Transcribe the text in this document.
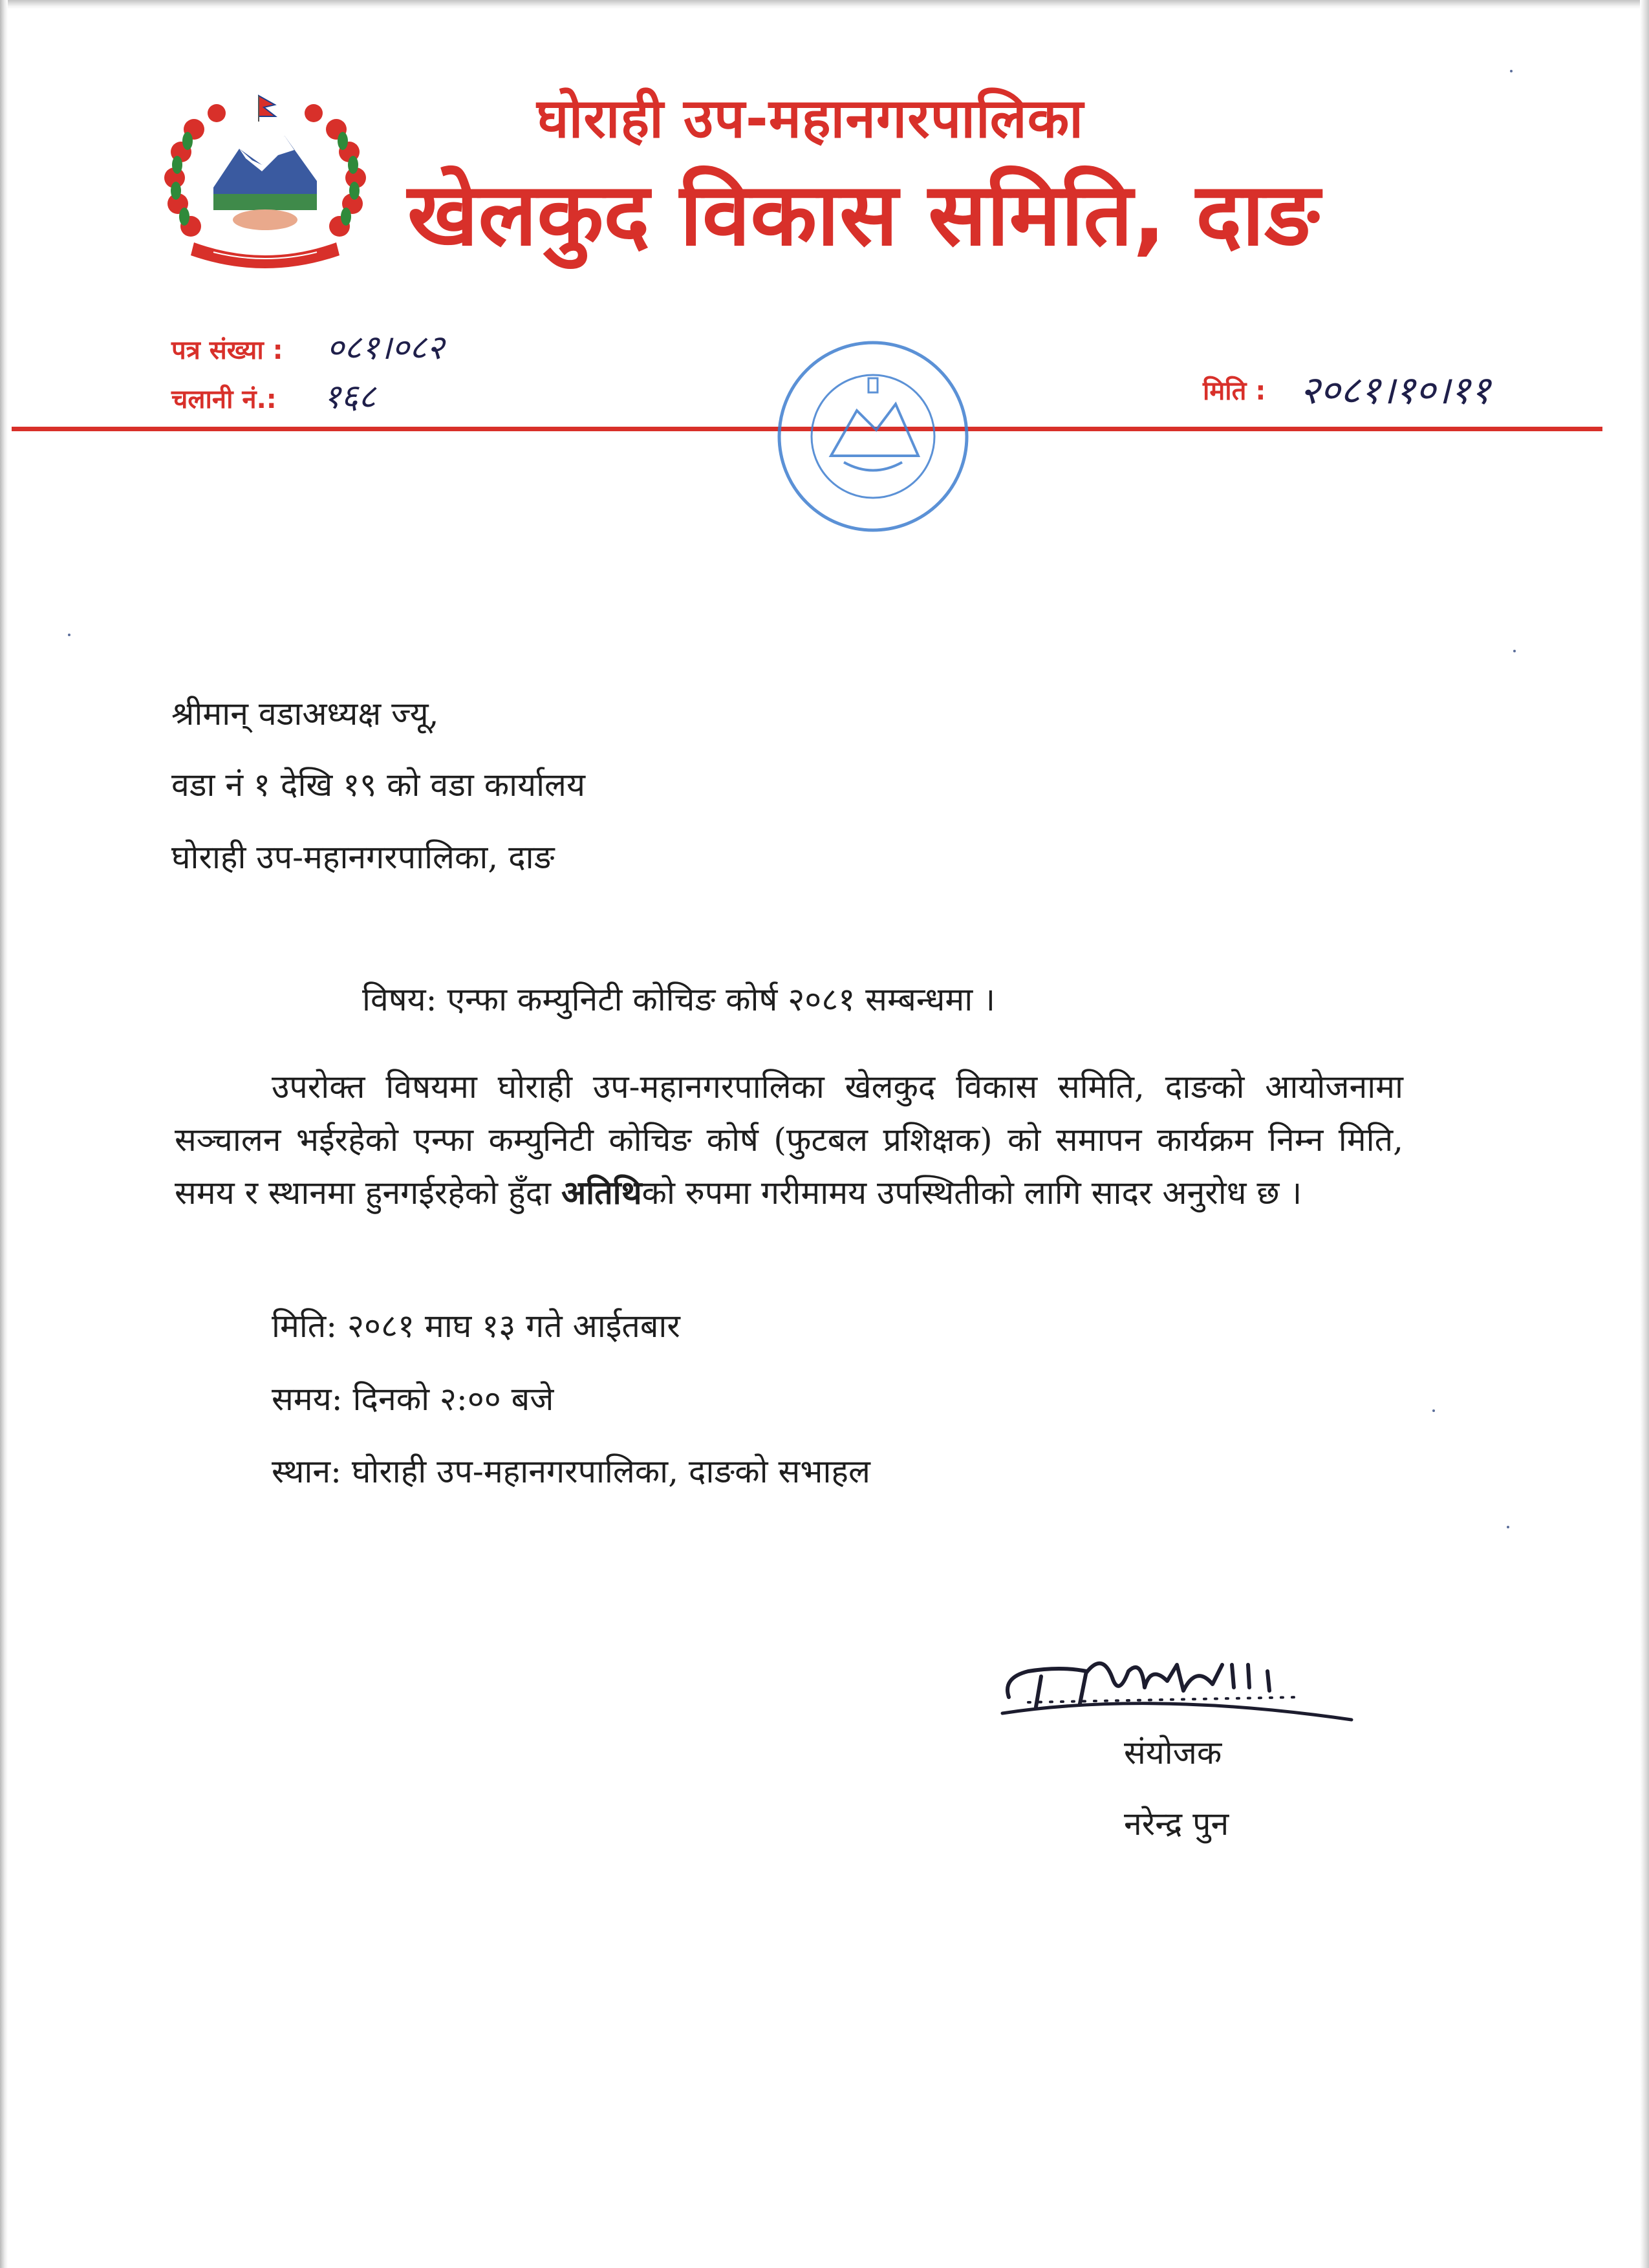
घोराही उप-महानगरपालिका
खेलकुद विकास समिति, दाङ
पत्र संख्या : ०८१।०८२
चलानी नं.: १६८	मिति : २०८१।१०।११
श्रीमान् वडाअध्यक्ष ज्यू,
वडा नं १ देखि १९ को वडा कार्यालय
घोराही उप-महानगरपालिका, दाङ
विषय: एन्फा कम्युनिटी कोचिङ कोर्ष २०८१ सम्बन्धमा ।
उपरोक्त विषयमा घोराही उप-महानगरपालिका खेलकुद विकास समिति, दाङको आयोजनामा सञ्चालन भईरहेको एन्फा कम्युनिटी कोचिङ कोर्ष (फुटबल प्रशिक्षक) को समापन कार्यक्रम निम्न मिति, समय र स्थानमा हुनगईरहेको हुँदा अतिथिको रुपमा गरीमामय उपस्थितीको लागि सादर अनुरोध छ ।
मिति: २०८१ माघ १३ गते आईतबार
समय: दिनको २:०० बजे
स्थान: घोराही उप-महानगरपालिका, दाङको सभाहल
संयोजक
नरेन्द्र पुन
